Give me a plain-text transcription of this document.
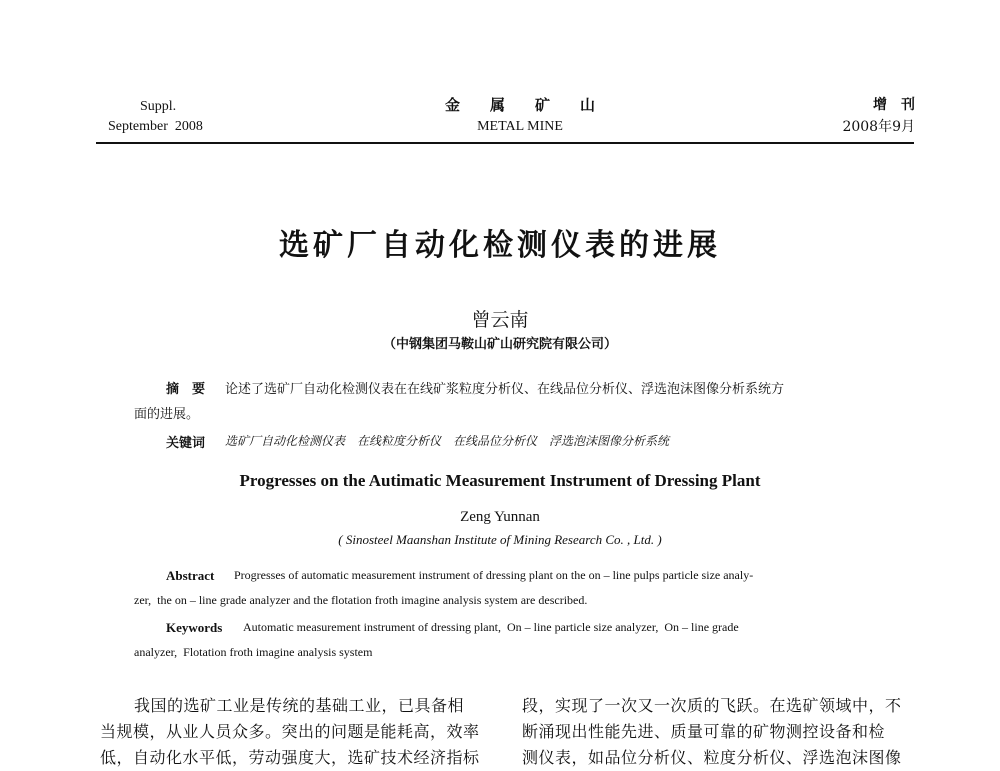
Suppl.
September  2008
金　　属　　矿　　山
METAL MINE
增　刊
2008年9月
选矿厂自动化检测仪表的进展
曾云南
（中钢集团马鞍山矿山研究院有限公司）
摘　要 论述了选矿厂自动化检测仪表在在线矿浆粒度分析仪、在线品位分析仪、浮选泡沫图像分析系统方
面的进展。
关键词 选矿厂自动化检测仪表　在线粒度分析仪　在线品位分析仪　浮选泡沫图像分析系统
Progresses on the Autimatic Measurement Instrument of Dressing Plant
Zeng Yunnan
( Sinosteel Maanshan Institute of Mining Research Co. , Ltd. )
Abstract Progresses of automatic measurement instrument of dressing plant on the on – line pulps particle size analy-
zer,  the on – line grade analyzer and the flotation froth imagine analysis system are described.
Keywords Automatic measurement instrument of dressing plant,  On – line particle size analyzer,  On – line grade
analyzer,  Flotation froth imagine analysis system
我国的选矿工业是传统的基础工业，已具备相
当规模，从业人员众多。突出的问题是能耗高，效率
低，自动化水平低，劳动强度大，选矿技术经济指标
段，实现了一次又一次质的飞跃。在选矿领域中，不
断涌现出性能先进、质量可靠的矿物测控设备和检
测仪表，如品位分析仪、粒度分析仪、浮选泡沫图像
